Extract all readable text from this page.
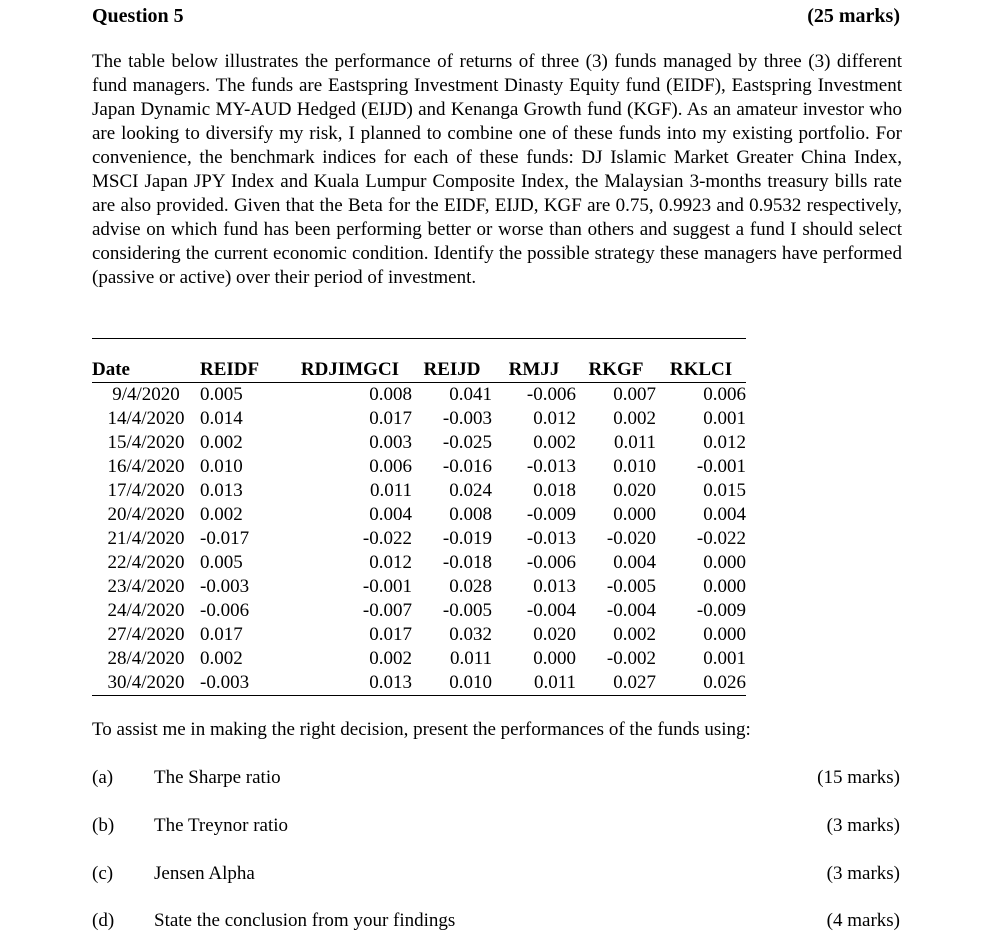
Question 5	(25 marks)

The table below illustrates the performance of returns of three (3) funds managed by three (3) different fund managers. The funds are Eastspring Investment Dinasty Equity fund (EIDF), Eastspring Investment Japan Dynamic MY-AUD Hedged (EIJD) and Kenanga Growth fund (KGF). As an amateur investor who are looking to diversify my risk, I planned to combine one of these funds into my existing portfolio. For convenience, the benchmark indices for each of these funds: DJ Islamic Market Greater China Index, MSCI Japan JPY Index and Kuala Lumpur Composite Index, the Malaysian 3-months treasury bills rate are also provided. Given that the Beta for the EIDF, EIJD, KGF are 0.75, 0.9923 and 0.9532 respectively, advise on which fund has been performing better or worse than others and suggest a fund I should select considering the current economic condition. Identify the possible strategy these managers have performed (passive or active) over their period of investment.

Date	REIDF	RDJIMGCI	REIJD	RMJJ	RKGF	RKLCI
9/4/2020	0.005	0.008	0.041	-0.006	0.007	0.006
14/4/2020	0.014	0.017	-0.003	0.012	0.002	0.001
15/4/2020	0.002	0.003	-0.025	0.002	0.011	0.012
16/4/2020	0.010	0.006	-0.016	-0.013	0.010	-0.001
17/4/2020	0.013	0.011	0.024	0.018	0.020	0.015
20/4/2020	0.002	0.004	0.008	-0.009	0.000	0.004
21/4/2020	-0.017	-0.022	-0.019	-0.013	-0.020	-0.022
22/4/2020	0.005	0.012	-0.018	-0.006	0.004	0.000
23/4/2020	-0.003	-0.001	0.028	0.013	-0.005	0.000
24/4/2020	-0.006	-0.007	-0.005	-0.004	-0.004	-0.009
27/4/2020	0.017	0.017	0.032	0.020	0.002	0.000
28/4/2020	0.002	0.002	0.011	0.000	-0.002	0.001
30/4/2020	-0.003	0.013	0.010	0.011	0.027	0.026

To assist me in making the right decision, present the performances of the funds using:

(a) The Sharpe ratio	(15 marks)
(b) The Treynor ratio	(3 marks)
(c) Jensen Alpha	(3 marks)
(d) State the conclusion from your findings	(4 marks)
